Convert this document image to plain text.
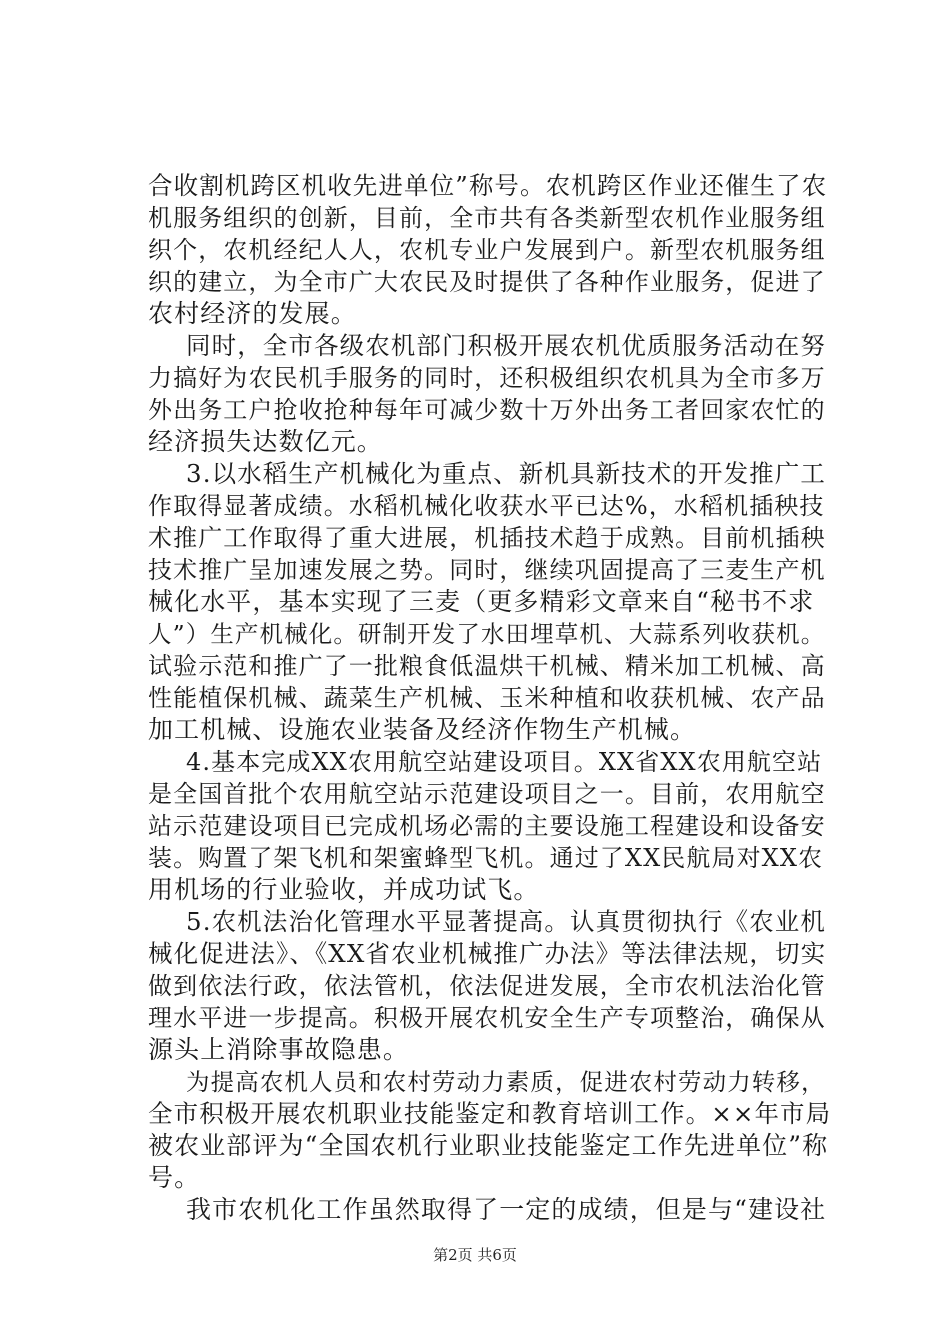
合收割机跨区机收先进单位”称号。农机跨区作业还催生了农
机服务组织的创新，目前，全市共有各类新型农机作业服务组
织个，农机经纪人人，农机专业户发展到户。新型农机服务组
织的建立，为全市广大农民及时提供了各种作业服务，促进了
农村经济的发展。
同时，全市各级农机部门积极开展农机优质服务活动在努
力搞好为农民机手服务的同时，还积极组织农机具为全市多万
外出务工户抢收抢种每年可减少数十万外出务工者回家农忙的
经济损失达数亿元。
3.以水稻生产机械化为重点、新机具新技术的开发推广工
作取得显著成绩。水稻机械化收获水平已达%，水稻机插秧技
术推广工作取得了重大进展，机插技术趋于成熟。目前机插秧
技术推广呈加速发展之势。同时，继续巩固提高了三麦生产机
械化水平，基本实现了三麦（更多精彩文章来自“秘书不求
人”）生产机械化。研制开发了水田埋草机、大蒜系列收获机。
试验示范和推广了一批粮食低温烘干机械、精米加工机械、高
性能植保机械、蔬菜生产机械、玉米种植和收获机械、农产品
加工机械、设施农业装备及经济作物生产机械。
4.基本完成XX农用航空站建设项目。XX省XX农用航空站
是全国首批个农用航空站示范建设项目之一。目前，农用航空
站示范建设项目已完成机场必需的主要设施工程建设和设备安
装。购置了架飞机和架蜜蜂型飞机。通过了XX民航局对XX农
用机场的行业验收，并成功试飞。
5.农机法治化管理水平显著提高。认真贯彻执行《农业机
械化促进法》、《XX省农业机械推广办法》等法律法规，切实
做到依法行政，依法管机，依法促进发展，全市农机法治化管
理水平进一步提高。积极开展农机安全生产专项整治，确保从
源头上消除事故隐患。
为提高农机人员和农村劳动力素质，促进农村劳动力转移，
全市积极开展农机职业技能鉴定和教育培训工作。××年市局
被农业部评为“全国农机行业职业技能鉴定工作先进单位”称
号。
我市农机化工作虽然取得了一定的成绩，但是与“建设社
第2页 共6页
